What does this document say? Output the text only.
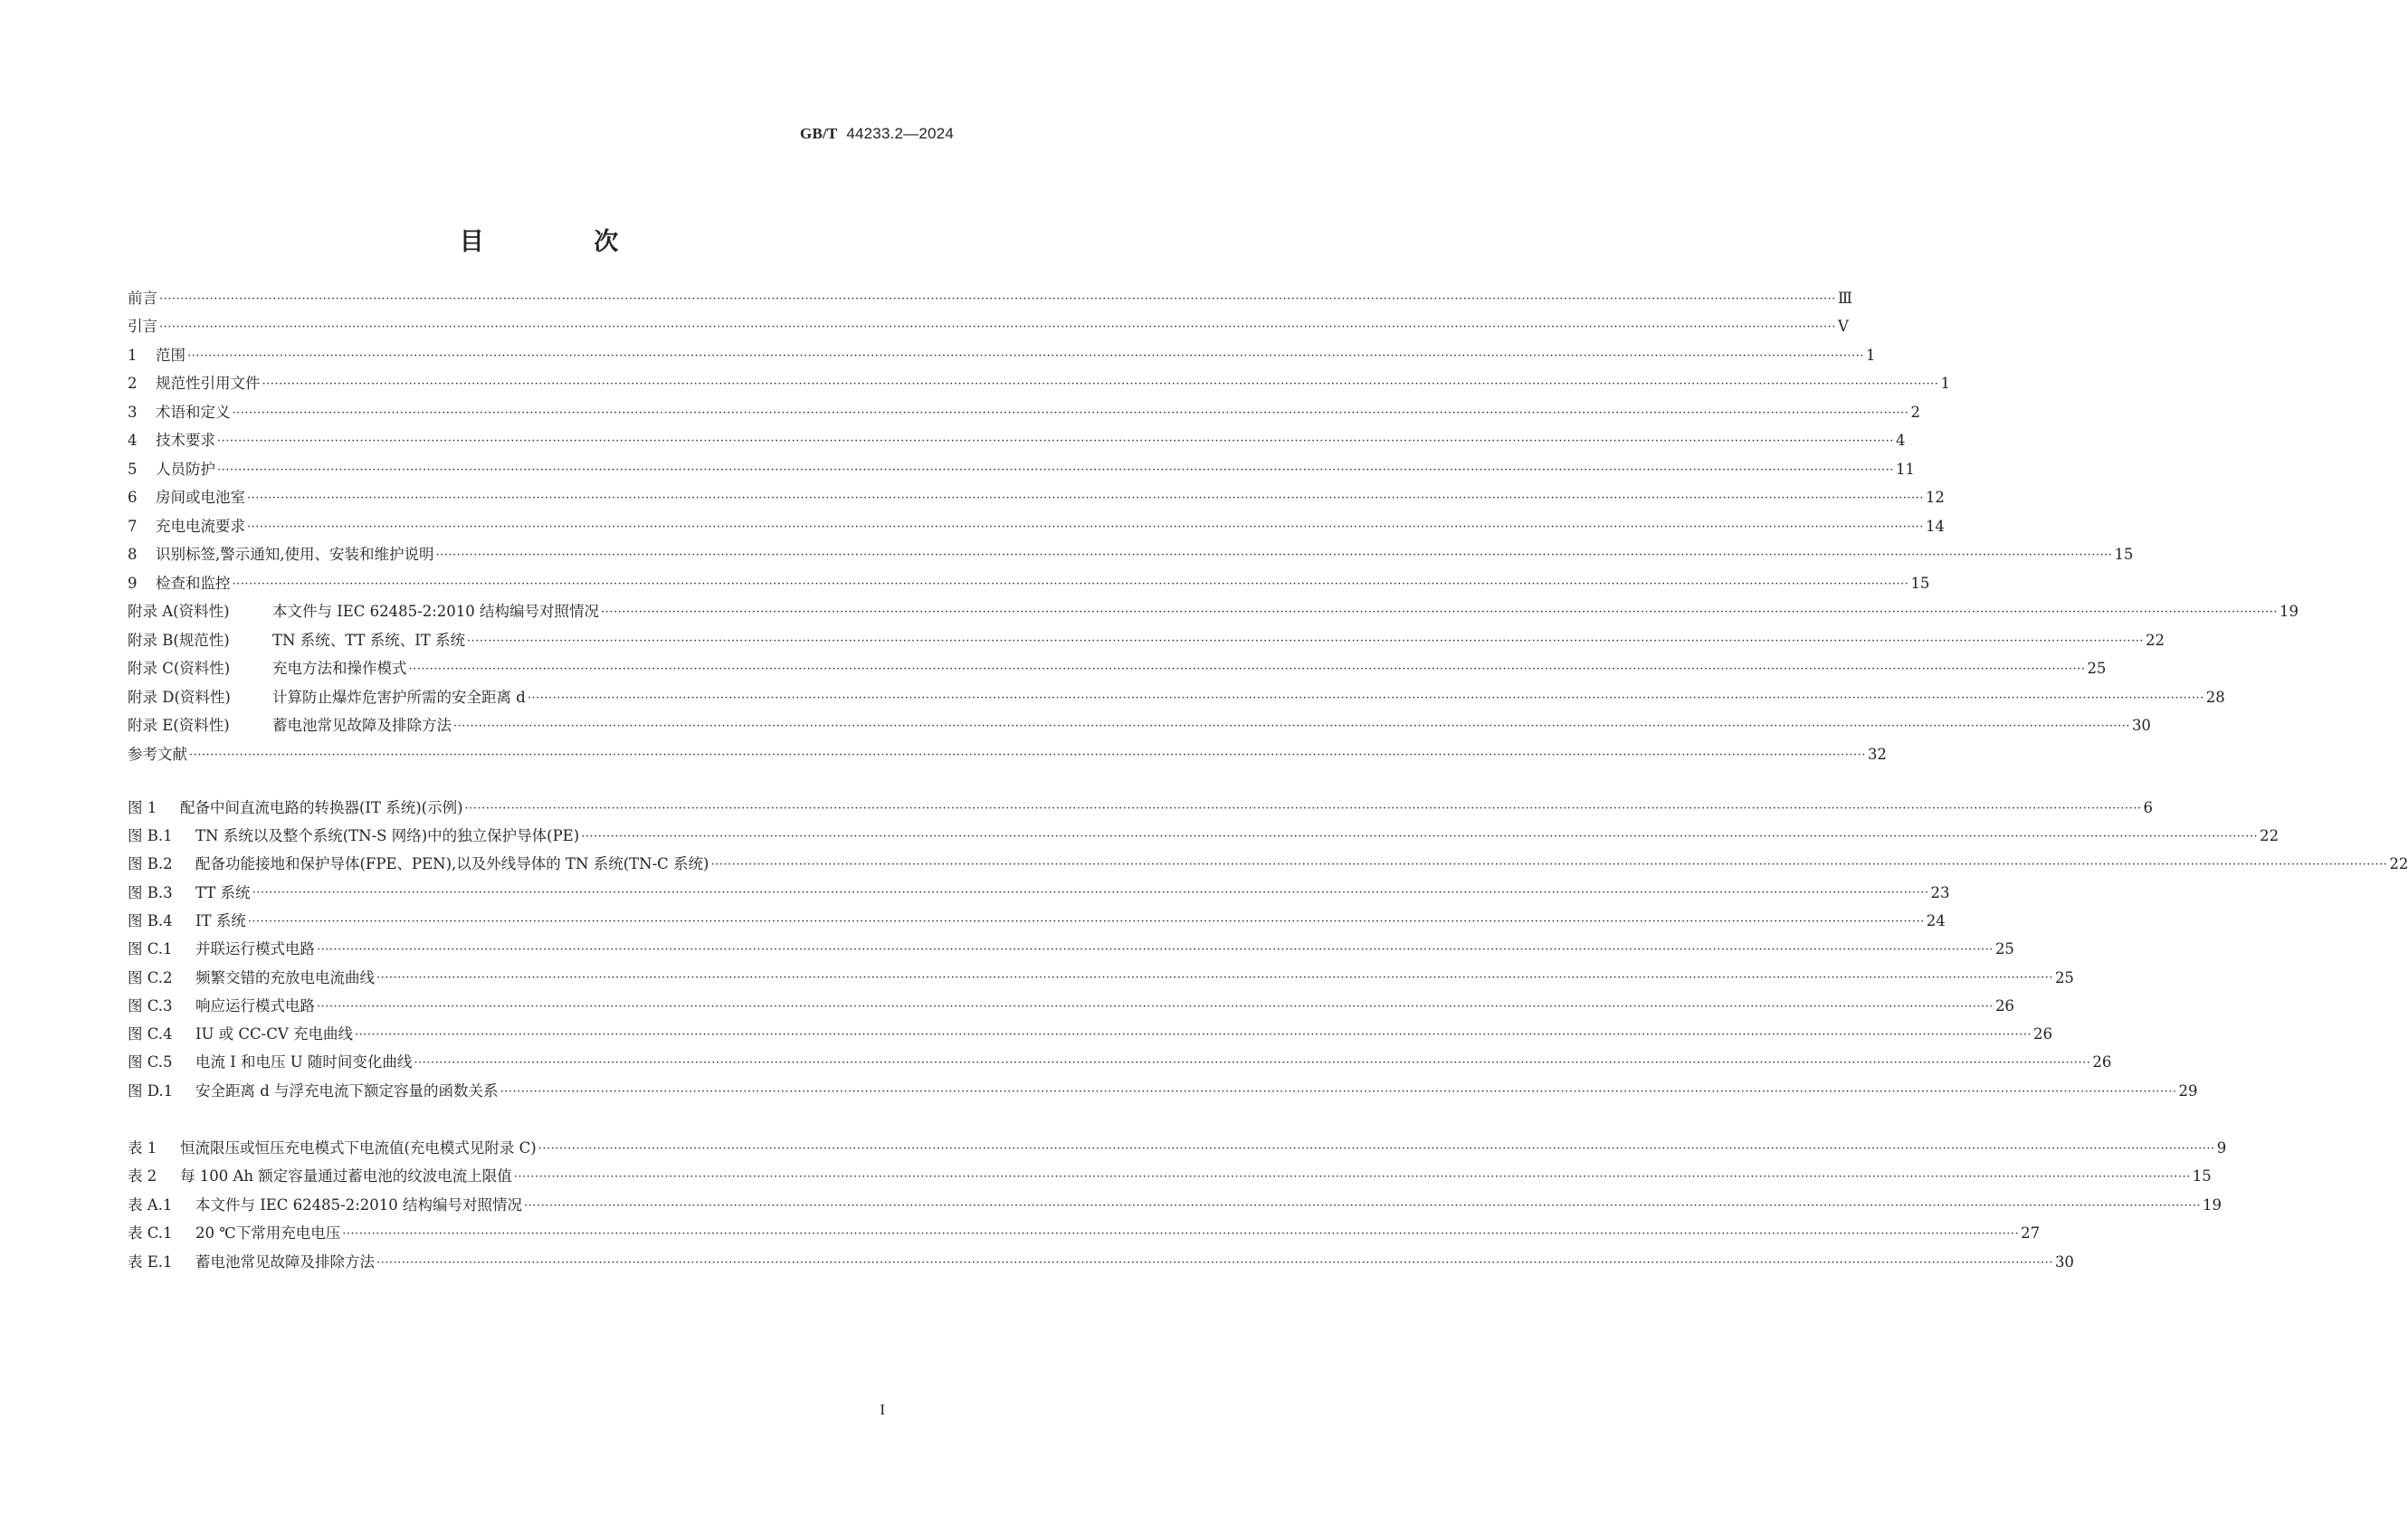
GB/T 44233.2—2024
目 次
前言 ················································································································································································································································································································································································································ Ⅲ
引言 ················································································································································································································································································································································································································ Ⅴ
1	范围 ················································································································································································································································································································································································································ 1
2	规范性引用文件 ················································································································································································································································································································································································································ 1
3	术语和定义 ················································································································································································································································································································································································································ 2
4	技术要求 ················································································································································································································································································································································································································ 4
5	人员防护 ················································································································································································································································································································································································································ 11
6	房间或电池室 ················································································································································································································································································································································································································ 12
7	充电电流要求 ················································································································································································································································································································································································································ 14
8	识别标签,警示通知,使用、安装和维护说明 ················································································································································································································································································································································································································ 15
9	检查和监控 ················································································································································································································································································································································································································ 15
附录 A(资料性)	本文件与 IEC 62485-2:2010 结构编号对照情况 ················································································································································································································································································································································································································ 19
附录 B(规范性)	TN 系统、TT 系统、IT 系统 ················································································································································································································································································································································································································ 22
附录 C(资料性)	充电方法和操作模式 ················································································································································································································································································································································································································ 25
附录 D(资料性)	计算防止爆炸危害护所需的安全距离 d ················································································································································································································································································································································································································ 28
附录 E(资料性)	蓄电池常见故障及排除方法 ················································································································································································································································································································································································································ 30
参考文献 ················································································································································································································································································································································································································ 32
图 1	配备中间直流电路的转换器(IT 系统)(示例) ················································································································································································································································································································································································································ 6
图 B.1	TN 系统以及整个系统(TN-S 网络)中的独立保护导体(PE) ················································································································································································································································································································································································································ 22
图 B.2	配备功能接地和保护导体(FPE、PEN),以及外线导体的 TN 系统(TN-C 系统) ················································································································································································································································································································································································································ 22
图 B.3	TT 系统 ················································································································································································································································································································································································································ 23
图 B.4	IT 系统 ················································································································································································································································································································································································································ 24
图 C.1	并联运行模式电路 ················································································································································································································································································································································································································ 25
图 C.2	频繁交错的充放电电流曲线 ················································································································································································································································································································································································································ 25
图 C.3	响应运行模式电路 ················································································································································································································································································································································································································ 26
图 C.4	IU 或 CC-CV 充电曲线 ················································································································································································································································································································································································································ 26
图 C.5	电流 I 和电压 U 随时间变化曲线 ················································································································································································································································································································································································································ 26
图 D.1	安全距离 d 与浮充电流下额定容量的函数关系 ················································································································································································································································································································································································································ 29
表 1	恒流限压或恒压充电模式下电流值(充电模式见附录 C) ················································································································································································································································································································································································································ 9
表 2	每 100 Ah 额定容量通过蓄电池的纹波电流上限值 ················································································································································································································································································································································································································ 15
表 A.1	本文件与 IEC 62485-2:2010 结构编号对照情况 ················································································································································································································································································································································································································ 19
表 C.1	20 ℃下常用充电电压 ················································································································································································································································································································································································································ 27
表 E.1	蓄电池常见故障及排除方法 ················································································································································································································································································································································································································ 30
I
